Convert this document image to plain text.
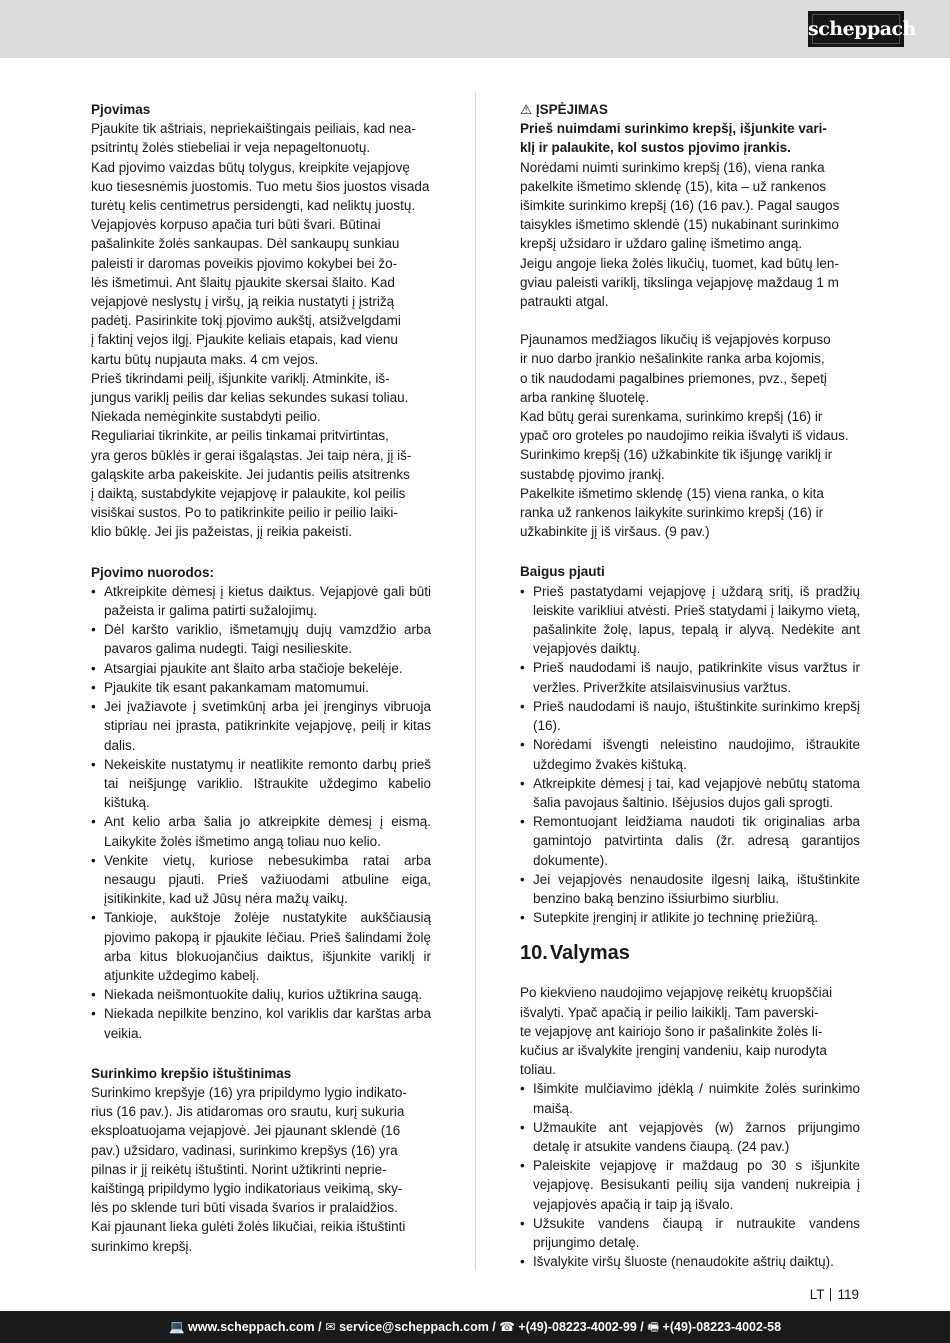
scheppach
Pjovimas
Pjaukite tik aštriais, nepriekaištingais peiliais, kad nea-
psitrintų žolės stiebeliai ir veja nepageltonuotų.
Kad pjovimo vaizdas būtų tolygus, kreipkite vejapjovę
kuo tiesesnėmis juostomis. Tuo metu šios juostos visada
turėtų kelis centimetrus persidengti, kad neliktų juostų.
Vejapjovės korpuso apačia turi būti švari. Būtinai
pašalinkite žolės sankaupas. Dėl sankaupų sunkiau
paleisti ir daromas poveikis pjovimo kokybei bei žo-
lės išmetimui. Ant šlaitų pjaukite skersai šlaito. Kad
vejapjovė neslystų į viršų, ją reikia nustatyti į įstrižą
padėtį. Pasirinkite tokį pjovimo aukštį, atsižvelgdami
į faktinį vejos ilgį. Pjaukite keliais etapais, kad vienu
kartu būtų nupjauta maks. 4 cm vejos.
Prieš tikrindami peilį, išjunkite variklį. Atminkite, iš-
jungus variklį peilis dar kelias sekundes sukasi toliau.
Niekada nemėginkite sustabdyti peilio.
Reguliariai tikrinkite, ar peilis tinkamai pritvirtintas,
yra geros būklės ir gerai išgaląstas. Jei taip nėra, jį iš-
galąskite arba pakeiskite. Jei judantis peilis atsitrenks
į daiktą, sustabdykite vejapjovę ir palaukite, kol peilis
visiškai sustos. Po to patikrinkite peilio ir peilio laiki-
klio būklę. Jei jis pažeistas, jį reikia pakeisti.
Pjovimo nuorodos:
• Atkreipkite dėmesį į kietus daiktus. Vejapjovė gali būti pažeista ir galima patirti sužalojimų.
• Dėl karšto variklio, išmetamųjų dujų vamzdžio arba pavaros galima nudegti. Taigi nesilieskite.
• Atsargiai pjaukite ant šlaito arba stačioje bekelėje.
• Pjaukite tik esant pakankamam matomumui.
• Jei įvažiavote į svetimkūnį arba jei įrenginys vibruoja stipriau nei įprasta, patikrinkite vejapjovę, peilį ir kitas dalis.
• Nekeiskite nustatymų ir neatlikite remonto darbų prieš tai neišjungę variklio. Ištraukite uždegimo kabelio kištuką.
• Ant kelio arba šalia jo atkreipkite dėmesį į eismą. Laikykite žolės išmetimo angą toliau nuo kelio.
• Venkite vietų, kuriose nebesukimba ratai arba nesaugu pjauti. Prieš važiuodami atbuline eiga, įsitikinkite, kad už Jūsų nėra mažų vaikų.
• Tankioje, aukštoje žolėje nustatykite aukščiausią pjovimo pakopą ir pjaukite lėčiau. Prieš šalindami žolę arba kitus blokuojančius daiktus, išjunkite variklį ir atjunkite uždegimo kabelį.
• Niekada neišmontuokite dalių, kurios užtikrina saugą.
• Niekada nepilkite benzino, kol variklis dar karštas arba veikia.
Surinkimo krepšio ištuštinimas
Surinkimo krepšyje (16) yra pripildymo lygio indikato-
rius (16 pav.). Jis atidaromas oro srautu, kurį sukuria
eksploatuojama vejapjovė. Jei pjaunant sklendė (16
pav.) užsidaro, vadinasi, surinkimo krepšys (16) yra
pilnas ir jį reikėtų ištuštinti. Norint užtikrinti neprie-
kaištingą pripildymo lygio indikatoriaus veikimą, sky-
lės po sklende turi būti visada švarios ir pralaidžios.
Kai pjaunant lieka gulėti žolės likučiai, reikia ištuštinti
surinkimo krepšį.
⚠ ĮSPĖJIMAS
Prieš nuimdami surinkimo krepšį, išjunkite vari-
klį ir palaukite, kol sustos pjovimo įrankis.
Norėdami nuimti surinkimo krepšį (16), viena ranka
pakelkite išmetimo sklendę (15), kita – už rankenos
išimkite surinkimo krepšį (16) (16 pav.). Pagal saugos
taisykles išmetimo sklendė (15) nukabinant surinkimo
krepšį užsidaro ir uždaro galinę išmetimo angą.
Jeigu angoje lieka žolės likučių, tuomet, kad būtų len-
gviau paleisti variklį, tikslinga vejapjovę maždaug 1 m
patraukti atgal.
Pjaunamos medžiagos likučių iš vejapjovės korpuso
ir nuo darbo įrankio nešalinkite ranka arba kojomis,
o tik naudodami pagalbines priemones, pvz., šepetį
arba rankinę šluotelę.
Kad būtų gerai surenkama, surinkimo krepšį (16) ir
ypač oro groteles po naudojimo reikia išvalyti iš vidaus.
Surinkimo krepšį (16) užkabinkite tik išjungę variklį ir
sustabdę pjovimo įrankį.
Pakelkite išmetimo sklendę (15) viena ranka, o kita
ranka už rankenos laikykite surinkimo krepšį (16) ir
užkabinkite jį iš viršaus. (9 pav.)
Baigus pjauti
• Prieš pastatydami vejapjovę į uždarą sritį, iš pradžių leiskite varikliui atvėsti. Prieš statydami į laikymo vietą, pašalinkite žolę, lapus, tepalą ir alyvą. Nedėkite ant vejapjovės daiktų.
• Prieš naudodami iš naujo, patikrinkite visus varžtus ir veržles. Priveržkite atsilaisvinusius varžtus.
• Prieš naudodami iš naujo, ištuštinkite surinkimo krepšį (16).
• Norėdami išvengti neleistino naudojimo, ištraukite uždegimo žvakės kištuką.
• Atkreipkite dėmesį į tai, kad vejapjovė nebūtų statoma šalia pavojaus šaltinio. Išėjusios dujos gali sprogti.
• Remontuojant leidžiama naudoti tik originalias arba gamintojo patvirtinta dalis (žr. adresą garantijos dokumente).
• Jei vejapjovės nenaudosite ilgesnį laiką, ištuštinkite benzino baką benzino išsiurbimo siurbliu.
• Sutepkite įrenginį ir atlikite jo techninę priežiūrą.
10. Valymas
Po kiekvieno naudojimo vejapjovę reikėtų kruopščiai
išvalyti. Ypač apačią ir peilio laikiklį. Tam paverski-
te vejapjovę ant kairiojo šono ir pašalinkite žolės li-
kučius ar išvalykite įrenginį vandeniu, kaip nurodyta
toliau.
• Išimkite mulčiavimo įdėklą / nuimkite žolės surinkimo maišą.
• Užmaukite ant vejapjovės (w) žarnos prijungimo detalę ir atsukite vandens čiaupą. (24 pav.)
• Paleiskite vejapjovę ir maždaug po 30 s išjunkite vejapjovę. Besisukanti peilių sija vandenį nukreipia į vejapjovės apačią ir taip ją išvalo.
• Užsukite vandens čiaupą ir nutraukite vandens prijungimo detalę.
• Išvalykite viršų šluoste (nenaudokite aštrių daiktų).
LT 119
💻 www.scheppach.com / ✉ service@scheppach.com / ☎ +(49)-08223-4002-99 / 🖷 +(49)-08223-4002-58
